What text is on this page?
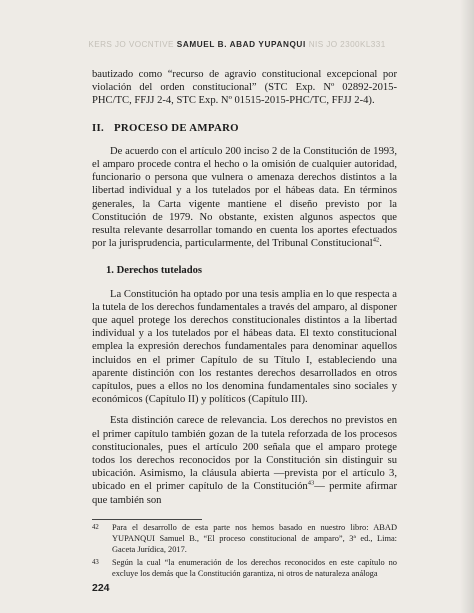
KERS JO VOCNTIVE SAMUEL B. ABAD YUPANQUI NIS JO 2300KL331

bautizado como “recurso de agravio constitucional excepcional por violación del orden constitucional” (STC Exp. Nº 02892-2015-PHC/TC, FFJJ 2-4, STC Exp. Nº 01515-2015-PHC/TC, FFJJ 2-4).

II. PROCESO DE AMPARO

De acuerdo con el artículo 200 inciso 2 de la Constitución de 1993, el amparo procede contra el hecho o la omisión de cualquier autoridad, funcionario o persona que vulnera o amenaza derechos distintos a la libertad individual y a los tutelados por el hábeas data. En términos generales, la Carta vigente mantiene el diseño previsto por la Constitución de 1979. No obstante, existen algunos aspectos que resulta relevante desarrollar tomando en cuenta los aportes efectuados por la jurisprudencia, particularmente, del Tribunal Constitucional$^{42}$.

1. Derechos tutelados

La Constitución ha optado por una tesis amplia en lo que respecta a la tutela de los derechos fundamentales a través del amparo, al disponer que aquel protege los derechos constitucionales distintos a la libertad individual y a los tutelados por el hábeas data. El texto constitucional emplea la expresión derechos fundamentales para denominar aquellos incluidos en el primer Capítulo de su Título I, estableciendo una aparente distinción con los restantes derechos desarrollados en otros capítulos, pues a ellos no los denomina fundamentales sino sociales y económicos (Capítulo II) y políticos (Capítulo III).

Esta distinción carece de relevancia. Los derechos no previstos en el primer capítulo también gozan de la tutela reforzada de los procesos constitucionales, pues el artículo 200 señala que el amparo protege todos los derechos reconocidos por la Constitución sin distinguir su ubicación. Asimismo, la cláusula abierta —prevista por el artículo 3, ubicado en el primer capítulo de la Constitución$^{43}$— permite afirmar que también son

42 Para el desarrollo de esta parte nos hemos basado en nuestro libro: ABAD YUPANQUI Samuel B., “El proceso constitucional de amparo”, 3ª ed., Lima: Gaceta Jurídica, 2017.
43 Según la cual “la enumeración de los derechos reconocidos en este capítulo no excluye los demás que la Constitución garantiza, ni otros de naturaleza análoga
224
